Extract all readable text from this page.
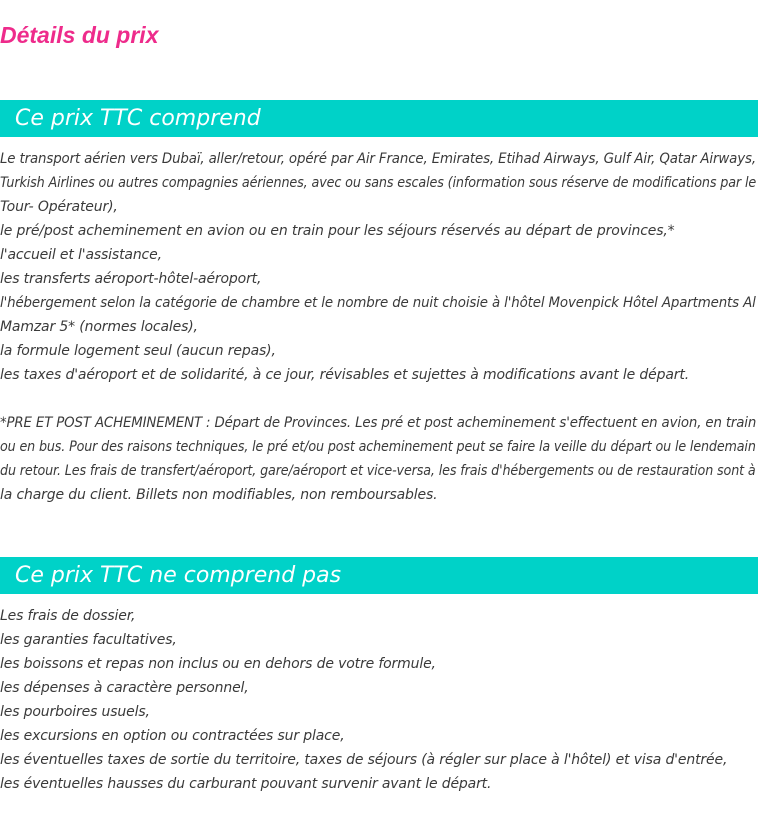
Détails du prix
Ce prix TTC comprend
Le transport aérien vers Dubaï, aller/retour, opéré par Air France, Emirates, Etihad Airways, Gulf Air, Qatar Airways,
Turkish Airlines ou autres compagnies aériennes, avec ou sans escales (information sous réserve de modifications par le
Tour- Opérateur),
le pré/post acheminement en avion ou en train pour les séjours réservés au départ de provinces,*
l'accueil et l'assistance,
les transferts aéroport-hôtel-aéroport,
l'hébergement selon la catégorie de chambre et le nombre de nuit choisie à l'hôtel Movenpick Hôtel Apartments Al
Mamzar 5* (normes locales),
la formule logement seul (aucun repas),
les taxes d'aéroport et de solidarité, à ce jour, révisables et sujettes à modifications avant le départ.
*PRE ET POST ACHEMINEMENT : Départ de Provinces. Les pré et post acheminement s'effectuent en avion, en train
ou en bus. Pour des raisons techniques, le pré et/ou post acheminement peut se faire la veille du départ ou le lendemain
du retour. Les frais de transfert/aéroport, gare/aéroport et vice-versa, les frais d'hébergements ou de restauration sont à
la charge du client. Billets non modifiables, non remboursables.
Ce prix TTC ne comprend pas
Les frais de dossier,
les garanties facultatives,
les boissons et repas non inclus ou en dehors de votre formule,
les dépenses à caractère personnel,
les pourboires usuels,
les excursions en option ou contractées sur place,
les éventuelles taxes de sortie du territoire, taxes de séjours (à régler sur place à l'hôtel) et visa d'entrée,
les éventuelles hausses du carburant pouvant survenir avant le départ.
